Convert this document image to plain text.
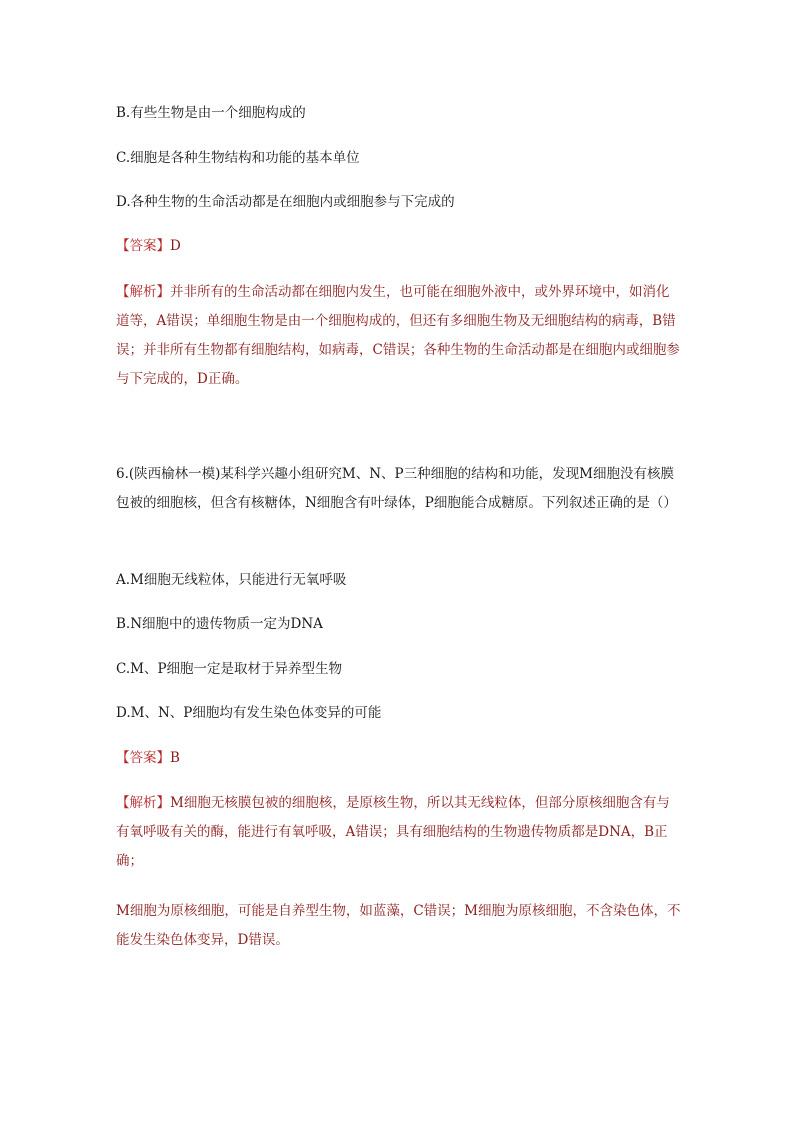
B.有些生物是由一个细胞构成的
C.细胞是各种生物结构和功能的基本单位
D.各种生物的生命活动都是在细胞内或细胞参与下完成的
【答案】D
【解析】并非所有的生命活动都在细胞内发生，也可能在细胞外液中，或外界环境中，如消化道等，A错误；单细胞生物是由一个细胞构成的，但还有多细胞生物及无细胞结构的病毒，B错误；并非所有生物都有细胞结构，如病毒，C错误；各种生物的生命活动都是在细胞内或细胞参与下完成的，D正确。
6.(陕西榆林一模)某科学兴趣小组研究M、N、P三种细胞的结构和功能，发现M细胞没有核膜包被的细胞核，但含有核糖体，N细胞含有叶绿体，P细胞能合成糖原。下列叙述正确的是（）
A.M细胞无线粒体，只能进行无氧呼吸
B.N细胞中的遗传物质一定为DNA
C.M、P细胞一定是取材于异养型生物
D.M、N、P细胞均有发生染色体变异的可能
【答案】B
【解析】M细胞无核膜包被的细胞核，是原核生物，所以其无线粒体，但部分原核细胞含有与有氧呼吸有关的酶，能进行有氧呼吸，A错误；具有细胞结构的生物遗传物质都是DNA，B正确；
M细胞为原核细胞，可能是自养型生物，如蓝藻，C错误；M细胞为原核细胞，不含染色体，不能发生染色体变异，D错误。
